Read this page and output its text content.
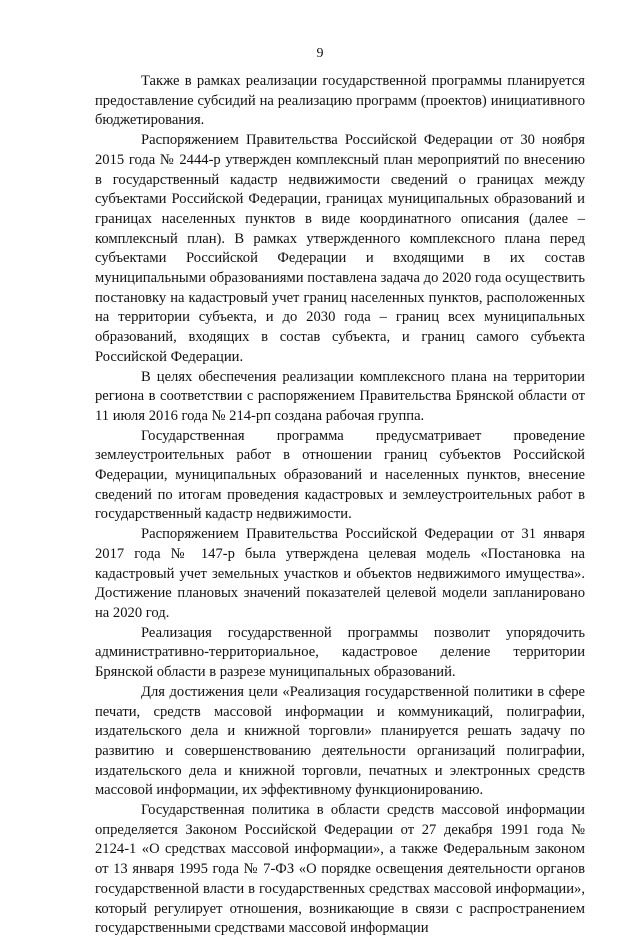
9

Также в рамках реализации государственной программы планируется предоставление субсидий на реализацию программ (проектов) инициативного бюджетирования.

Распоряжением Правительства Российской Федерации от 30 ноября 2015 года № 2444-р утвержден комплексный план мероприятий по внесению в государственный кадастр недвижимости сведений о границах между субъектами Российской Федерации, границах муниципальных образований и границах населенных пунктов в виде координатного описания (далее – комплексный план). В рамках утвержденного комплексного плана перед субъектами Российской Федерации и входящими в их состав муниципальными образованиями поставлена задача до 2020 года осуществить постановку на кадастровый учет границ населенных пунктов, расположенных на территории субъекта, и до 2030 года – границ всех муниципальных образований, входящих в состав субъекта, и границ самого субъекта Российской Федерации.

В целях обеспечения реализации комплексного плана на территории региона в соответствии с распоряжением Правительства Брянской области от 11 июля 2016 года № 214-рп создана рабочая группа.

Государственная программа предусматривает проведение землеустроительных работ в отношении границ субъектов Российской Федерации, муниципальных образований и населенных пунктов, внесение сведений по итогам проведения кадастровых и землеустроительных работ в государственный кадастр недвижимости.

Распоряжением Правительства Российской Федерации от 31 января 2017 года № 147-р была утверждена целевая модель «Постановка на кадастровый учет земельных участков и объектов недвижимого имущества». Достижение плановых значений показателей целевой модели запланировано на 2020 год.

Реализация государственной программы позволит упорядочить административно-территориальное, кадастровое деление территории Брянской области в разрезе муниципальных образований.

Для достижения цели «Реализация государственной политики в сфере печати, средств массовой информации и коммуникаций, полиграфии, издательского дела и книжной торговли» планируется решать задачу по развитию и совершенствованию деятельности организаций полиграфии, издательского дела и книжной торговли, печатных и электронных средств массовой информации, их эффективному функционированию.

Государственная политика в области средств массовой информации определяется Законом Российской Федерации от 27 декабря 1991 года № 2124-1 «О средствах массовой информации», а также Федеральным законом от 13 января 1995 года № 7-ФЗ «О порядке освещения деятельности органов государственной власти в государственных средствах массовой информации», который регулирует отношения, возникающие в связи с распространением государственными средствами массовой информации
